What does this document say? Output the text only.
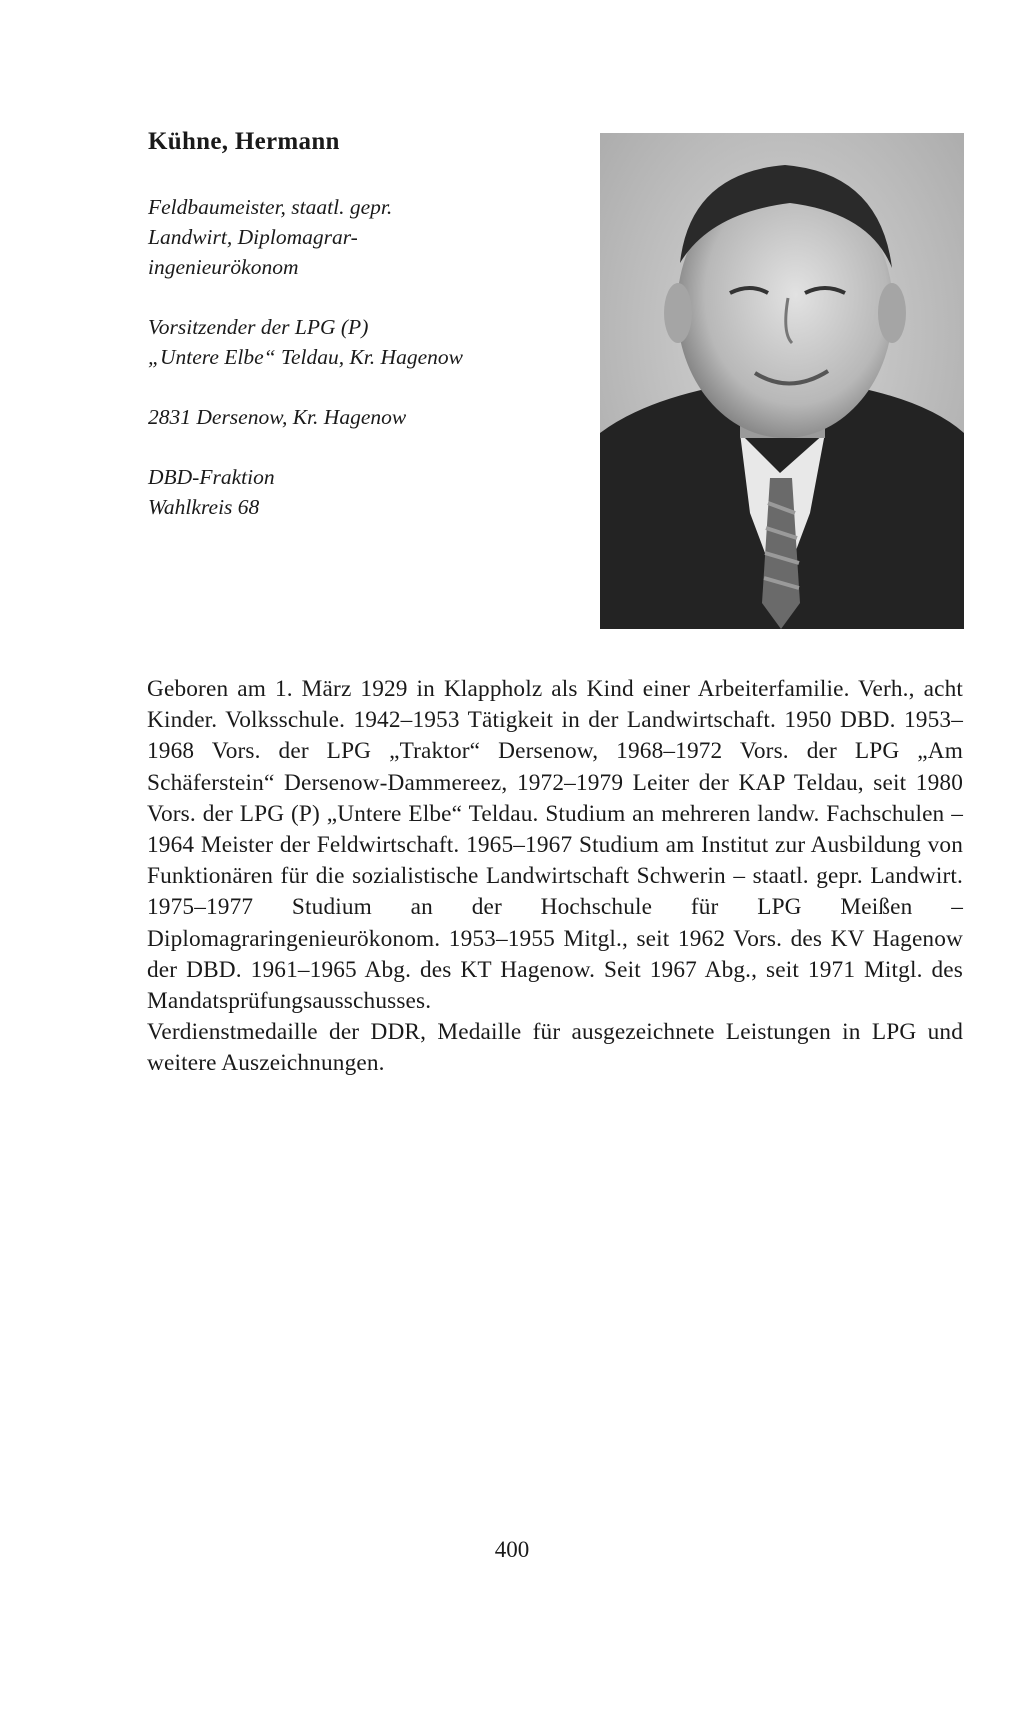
Kühne, Hermann
Feldbaumeister, staatl. gepr.
Landwirt, Diplomagrar-
ingenieurökonom
Vorsitzender der LPG (P)
„Untere Elbe“ Teldau, Kr. Hagenow
2831 Dersenow, Kr. Hagenow
DBD-Fraktion
Wahlkreis 68

Geboren am 1. März 1929 in Klappholz als Kind einer Arbeiterfamilie. Verh., acht Kinder. Volksschule. 1942–1953 Tätigkeit in der Landwirtschaft. 1950 DBD. 1953–1968 Vors. der LPG „Traktor“ Dersenow, 1968–1972 Vors. der LPG „Am Schäferstein“ Dersenow-Dammereez, 1972–1979 Leiter der KAP Teldau, seit 1980 Vors. der LPG (P) „Untere Elbe“ Teldau. Studium an mehreren landw. Fachschulen – 1964 Meister der Feldwirtschaft. 1965–1967 Studium am Institut zur Ausbildung von Funktionären für die sozialistische Landwirtschaft Schwerin – staatl. gepr. Landwirt. 1975–1977 Studium an der Hochschule für LPG Meißen – Diplomagraringenieurökonom. 1953–1955 Mitgl., seit 1962 Vors. des KV Hagenow der DBD. 1961–1965 Abg. des KT Hagenow. Seit 1967 Abg., seit 1971 Mitgl. des Mandatsprüfungsausschusses.

Verdienstmedaille der DDR, Medaille für ausgezeichnete Leistungen in LPG und weitere Auszeichnungen.

400
